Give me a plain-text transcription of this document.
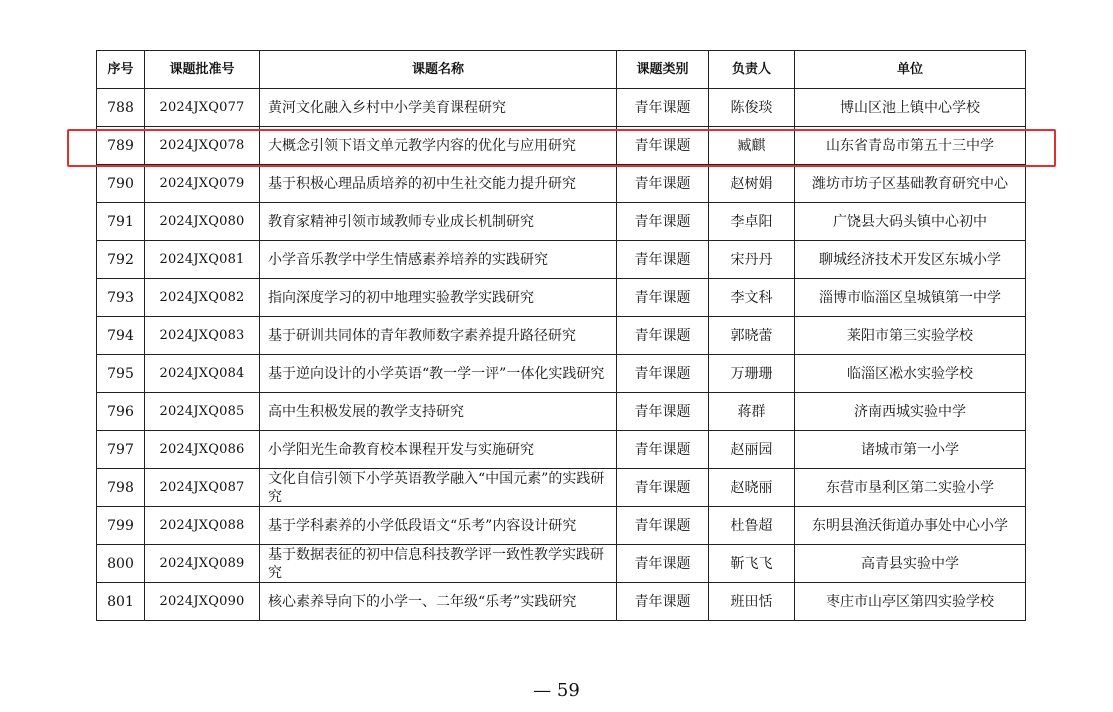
序号	课题批准号	课题名称	课题类别	负责人	单位
788	2024JXQ077	黄河文化融入乡村中小学美育课程研究	青年课题	陈俊琰	博山区池上镇中心学校
789	2024JXQ078	大概念引领下语文单元教学内容的优化与应用研究	青年课题	臧麒	山东省青岛市第五十三中学
790	2024JXQ079	基于积极心理品质培养的初中生社交能力提升研究	青年课题	赵树娟	潍坊市坊子区基础教育研究中心
791	2024JXQ080	教育家精神引领市域教师专业成长机制研究	青年课题	李卓阳	广饶县大码头镇中心初中
792	2024JXQ081	小学音乐教学中学生情感素养培养的实践研究	青年课题	宋丹丹	聊城经济技术开发区东城小学
793	2024JXQ082	指向深度学习的初中地理实验教学实践研究	青年课题	李文科	淄博市临淄区皇城镇第一中学
794	2024JXQ083	基于研训共同体的青年教师数字素养提升路径研究	青年课题	郭晓蕾	莱阳市第三实验学校
795	2024JXQ084	基于逆向设计的小学英语“教一学一评”一体化实践研究	青年课题	万珊珊	临淄区凇水实验学校
796	2024JXQ085	高中生积极发展的教学支持研究	青年课题	蒋群	济南西城实验中学
797	2024JXQ086	小学阳光生命教育校本课程开发与实施研究	青年课题	赵丽园	诸城市第一小学
798	2024JXQ087	文化自信引领下小学英语教学融入“中国元素”的实践研究	青年课题	赵晓丽	东营市垦利区第二实验小学
799	2024JXQ088	基于学科素养的小学低段语文“乐考”内容设计研究	青年课题	杜鲁超	东明县渔沃街道办事处中心小学
800	2024JXQ089	基于数据表征的初中信息科技教学评一致性教学实践研究	青年课题	靳飞飞	高青县实验中学
801	2024JXQ090	核心素养导向下的小学一、二年级“乐考”实践研究	青年课题	班田恬	枣庄市山亭区第四实验学校
— 59
